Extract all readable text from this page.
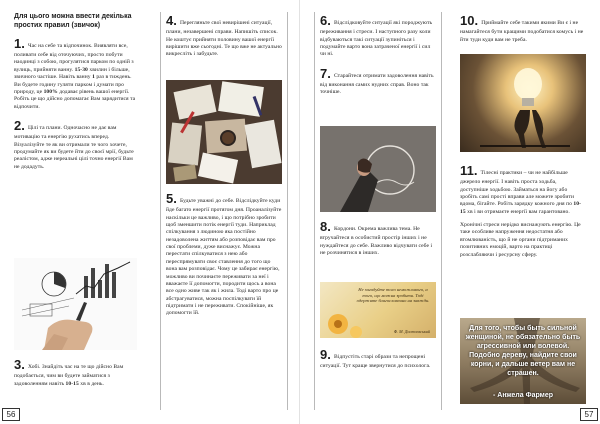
Для цього можна ввести декілька простих правил (звичок)
1. Час на себе та відпочинок. Виявляти все, поливати себе від оточуючих, просто побути наодинці з собою, прогулятися парком по одній з вулиць, прийняти ванну. 15-30 хвилин і більше, звичного частіше. Навіть ванну 1 раз в тиждень. Ви будете годину гуляти парком і думати про природу, це 100% додаває рівень вашої енергії. Робіть це що дійсно допомагає Вам зарядитися та відпочити.
2. Цілі та плани. Одночасно не дає вам мотивацію та енергію рухатись вперед. Візуалізуйте те як ви отримали те чого хочете, продумайте як ви будете йти до своєї мрії, будьте реалістом, адже нереальні цілі точно енергії Вам не додадуть.
3. Хобі. Знайдіть час на те що дійсно Вам подобається, чим ви будете займатися з задоволенням навіть 10-15 хв в день.
4. Перегляньте свої невирішені ситуації, плани, незавершені справи. Напишіть список. Не коштує прийняти половину вашої енергії вирішити вже сьогодні. Те що вже не актуально викресліть і забудьте.
5. Будьте уважні до себе. Відслідкуйте куди йде багато енергії протягом дня. Проаналізуйте наскільки це важливо, і що потрібно зробити щоб зменшити потік енергії туди. Наприклад спілкування з людиною яка постійно незадоволена життям або розповідає вам про свої проблеми, дуже виснажує. Можна перестати спілкуватися з нею або переспрямувати своє ставлення до того що вона вам розповідає. Чому це забирає енергію, можливо ви починаєте переживати за неї і вважаєте її допомогти, породити щось а вона все одно живе так як і жила. Тоді варто про це абстрагуватися, можна поспілкувати їй підтримати і не переживати. Спокійніше, як допомогти їй.
56
6. Відслідковуйте ситуації які породжують переживання і стреси. І наступного разу коли відбуваються такі ситуації зупиніться і подумайте варто вона затраченої енергії і сил чи ні.
7. Старайтеся отримати задоволення навіть від виконання самих нудних справ. Воно так точніше.
8. Кордони. Окрема важлива тема. Не втручайтеся в особистий простір інших і не нуждайтеся до себе. Важливо відчувати себе і не розчинятися в інших.
Не загадуйте того неможливого, а того, що можна зробити. Тоді одержите благословенно на завжди.
Ф. М. Достоєвський
9. Відпустіть старі образи та непрощені ситуації. Тут краще звернутися до психолога.
10. Приймайте себе такими якими Ви є і не намагайтеся бути кращими подобатися комусь і не йти туди куди вам не треба.
11. Тілесні практики – чи не найбільше джерело енергії. І навіть проста ходьба, доступніше ходьбою. Займаться на йогу або зробіть самі прості вправи але можете зробити вдома, бігайте. Робіть зарядку кожного дня по 10-15 хв і ви отримаєте енергії вам гарантовано.
Хронічні стреси нерідко виснажують енергію. Це таке особливе напруження недостатня або втомлюваність, що й не органи підтриманих позитивних емоцій, варто на практиці розслабляючи і ресурсну сферу.
Для того, чтобы быть сильной женщиной, не обязательно быть агрессивной или волевой. Подобно дереву, найдите свои корни, и дальше ветер вам не страшен.
- Анжела Фармер
57
